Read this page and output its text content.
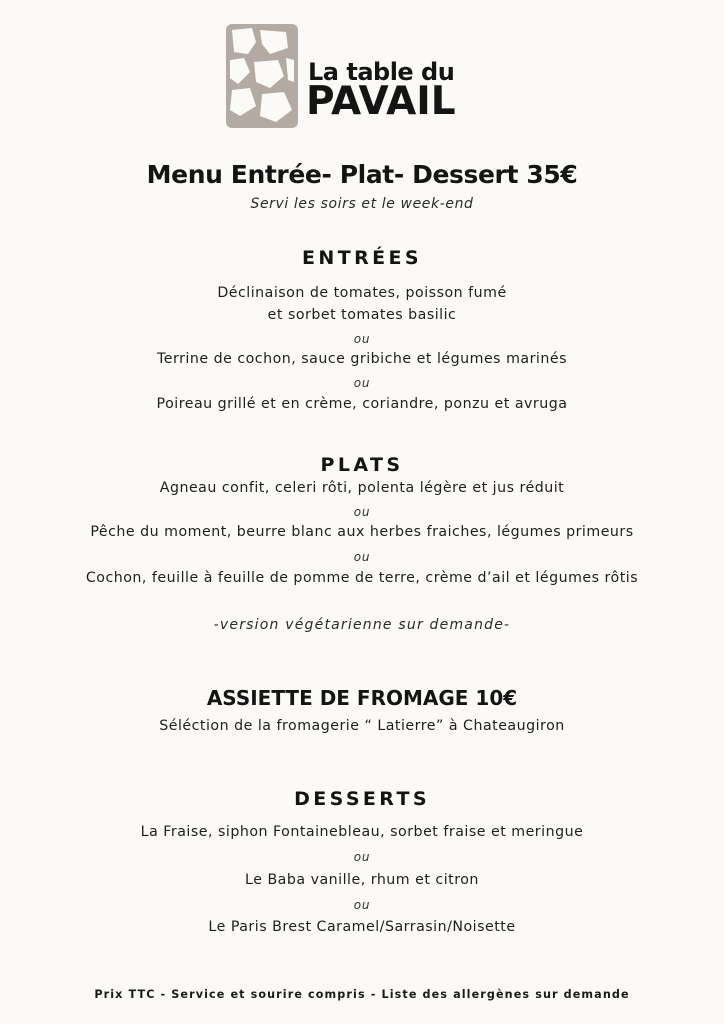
La table du
PAVAIL
Menu Entrée- Plat- Dessert 35€
Servi les soirs et le week-end
ENTRÉES
Déclinaison de tomates, poisson fumé
et sorbet tomates basilic
ou
Terrine de cochon, sauce gribiche et légumes marinés
ou
Poireau grillé et en crème, coriandre, ponzu et avruga
PLATS
Agneau confit, celeri rôti, polenta légère et jus réduit
ou
Pêche du moment, beurre blanc aux herbes fraiches, légumes primeurs
ou
Cochon, feuille à feuille de pomme de terre, crème d’ail et légumes rôtis
-version végétarienne sur demande-
ASSIETTE DE FROMAGE 10€
Séléction de la fromagerie “ Latierre” à Chateaugiron
DESSERTS
La Fraise, siphon Fontainebleau, sorbet fraise et meringue
ou
Le Baba vanille, rhum et citron
ou
Le Paris Brest Caramel/Sarrasin/Noisette
Prix TTC - Service et sourire compris - Liste des allergènes sur demande
